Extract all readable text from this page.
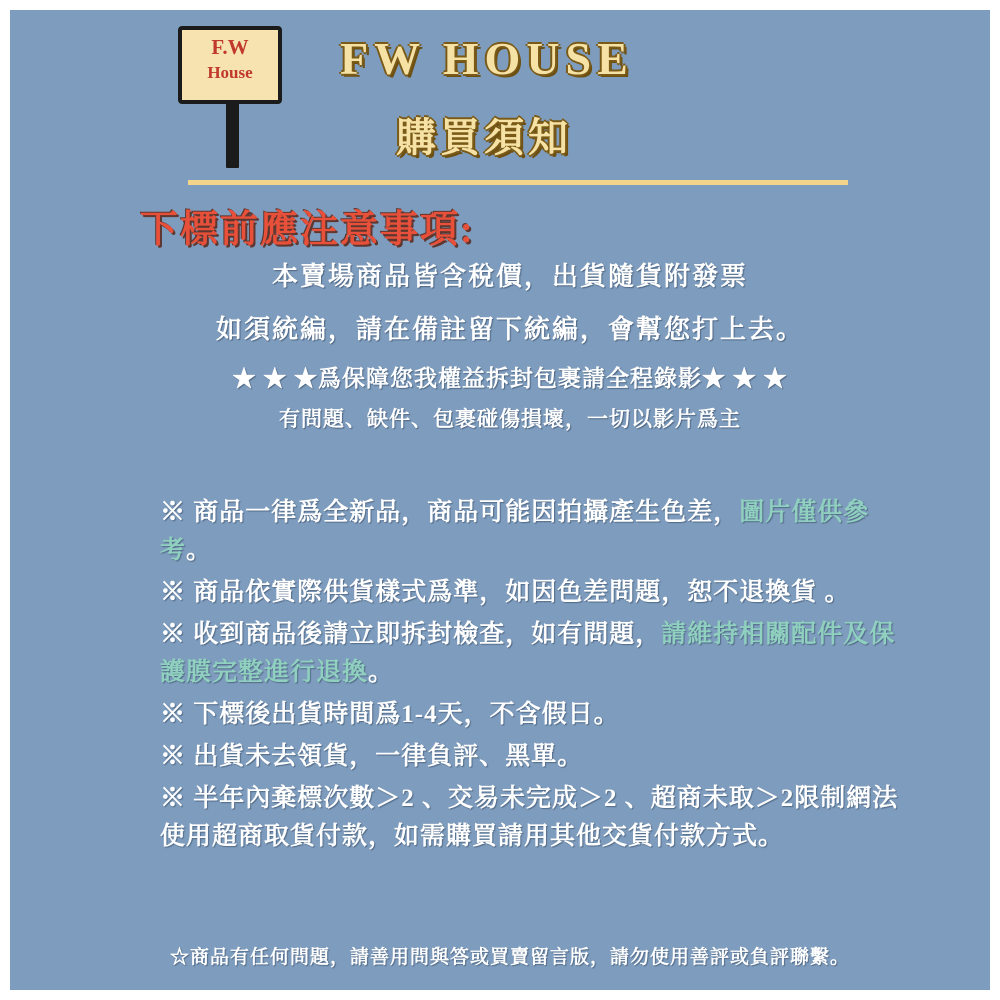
F.W
House	FW HOUSE
購買須知
下標前應注意事項:
本賣場商品皆含稅價，出貨隨貨附發票
如須統編，請在備註留下統編，會幫您打上去。
★ ★ ★爲保障您我權益拆封包裹請全程錄影★ ★ ★
有問題、缺件、包裹碰傷損壞，一切以影片爲主
※ 商品一律爲全新品，商品可能因拍攝產生色差，圖片僅供參考。
※ 商品依實際供貨樣式爲準，如因色差問題，恕不退換貨 。
※ 收到商品後請立即拆封檢查，如有問題，請維持相關配件及保護膜完整進行退換。
※ 下標後出貨時間爲1-4天，不含假日。
※ 出貨未去領貨，一律負評、黑單。
※ 半年內棄標次數＞2 、交易未完成＞2 、超商未取＞2限制網法使用超商取貨付款，如需購買請用其他交貨付款方式。
☆商品有任何問題，請善用問與答或買賣留言版，請勿使用善評或負評聯繫。
